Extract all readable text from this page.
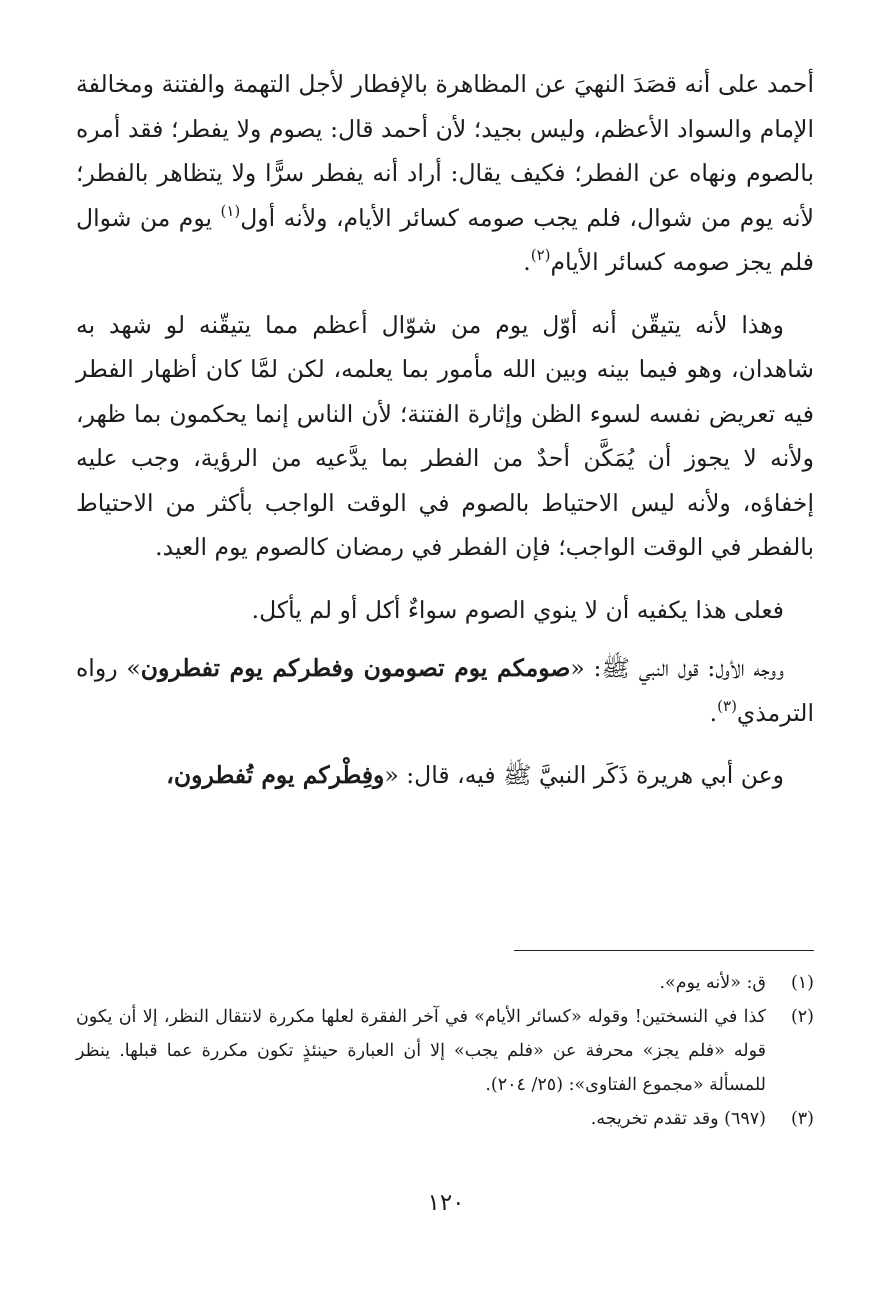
أحمد على أنه قصَدَ النهيَ عن المظاهرة بالإفطار لأجل التهمة والفتنة ومخالفة الإمام والسواد الأعظم، وليس بجيد؛ لأن أحمد قال: يصوم ولا يفطر؛ فقد أمره بالصوم ونهاه عن الفطر؛ فكيف يقال: أراد أنه يفطر سرًّا ولا يتظاهر بالفطر؛ لأنه يوم من شوال، فلم يجب صومه كسائر الأيام، ولأنه أول$^{(١)}$ يوم من شوال فلم يجز صومه كسائر الأيام$^{(٢)}$.

وهذا لأنه يتيقّن أنه أوّل يوم من شوّال أعظم مما يتيقّنه لو شهد به شاهدان، وهو فيما بينه وبين الله مأمور بما يعلمه، لكن لمَّا كان أظهار الفطر فيه تعريض نفسه لسوء الظن وإثارة الفتنة؛ لأن الناس إنما يحكمون بما ظهر، ولأنه لا يجوز أن يُمَكَّن أحدٌ من الفطر بما يدَّعيه من الرؤية، وجب عليه إخفاؤه، ولأنه ليس الاحتياط بالصوم في الوقت الواجب بأكثر من الاحتياط بالفطر في الوقت الواجب؛ فإن الفطر في رمضان كالصوم يوم العيد.

فعلى هذا يكفيه أن لا ينوي الصوم سواءٌ أكل أو لم يأكل.

ووجه الأول: قول النبي ﷺ: «صومكم يوم تصومون وفطركم يوم تفطرون» رواه الترمذي$^{(٣)}$.

وعن أبي هريرة ذَكَر النبيَّ ﷺ فيه، قال: «وفِطْركم يوم تُفطرون،

(١)
ق: «لأنه يوم».
(٢)
كذا في النسختين! وقوله «كسائر الأيام» في آخر الفقرة لعلها مكررة لانتقال النظر، إلا أن يكون قوله «فلم يجز» محرفة عن «فلم يجب» إلا أن العبارة حينئذٍ تكون مكررة عما قبلها. ينظر للمسألة «مجموع الفتاوى»: (٢٥/ ٢٠٤).
(٣)
(٦٩٧) وقد تقدم تخريجه.
١٢٠
